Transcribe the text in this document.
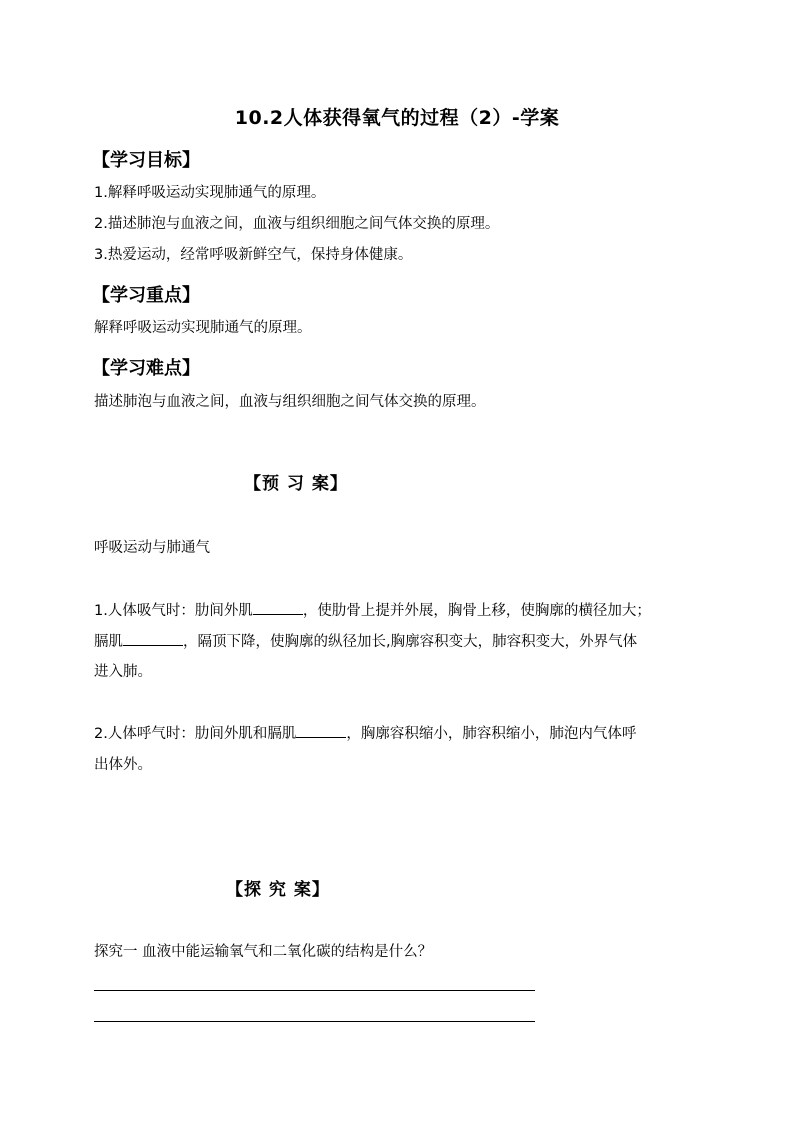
10.2人体获得氧气的过程（2）-学案
【学习目标】
1.解释呼吸运动实现肺通气的原理。
2.描述肺泡与血液之间，血液与组织细胞之间气体交换的原理。
3.热爱运动，经常呼吸新鲜空气，保持身体健康。
【学习重点】
解释呼吸运动实现肺通气的原理。
【学习难点】
描述肺泡与血液之间，血液与组织细胞之间气体交换的原理。
【预 习 案】
呼吸运动与肺通气
1.人体吸气时：肋间外肌	，使肋骨上提并外展，胸骨上移，使胸廓的横径加大；
膈肌	，隔顶下降，使胸廓的纵径加长,胸廓容积变大，肺容积变大，外界气体
进入肺。
2.人体呼气时：肋间外肌和膈肌	，胸廓容积缩小，肺容积缩小，肺泡内气体呼
出体外。
【探 究 案】
探究一 血液中能运输氧气和二氧化碳的结构是什么？
